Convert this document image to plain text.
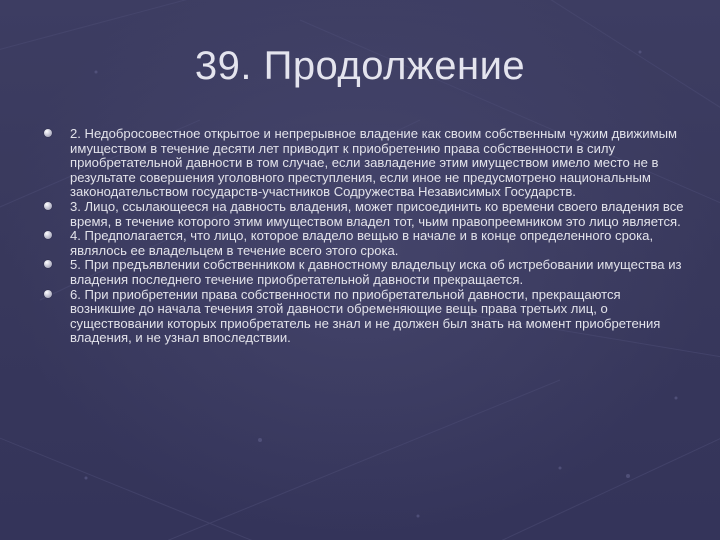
39. Продолжение
2. Недобросовестное открытое и непрерывное владение как своим собственным чужим движимым имуществом в течение десяти лет приводит к приобретению права собственности в силу приобретательной давности в том случае, если завладение этим имуществом имело место не в результате совершения уголовного преступления, если иное не предусмотрено национальным законодательством государств-участников Содружества Независимых Государств.
3. Лицо, ссылающееся на давность владения, может присоединить ко времени своего владения все время, в течение которого этим имуществом владел тот, чьим правопреемником это лицо является.
4. Предполагается, что лицо, которое владело вещью в начале и в конце определенного срока, являлось ее владельцем в течение всего этого срока.
5. При предъявлении собственником к давностному владельцу иска об истребовании имущества из владения последнего течение приобретательной давности прекращается.
6. При приобретении права собственности по приобретательной давности, прекращаются возникшие до начала течения этой давности обременяющие вещь права третьих лиц, о существовании которых приобретатель не знал и не должен был знать на момент приобретения владения, и не узнал впоследствии.
